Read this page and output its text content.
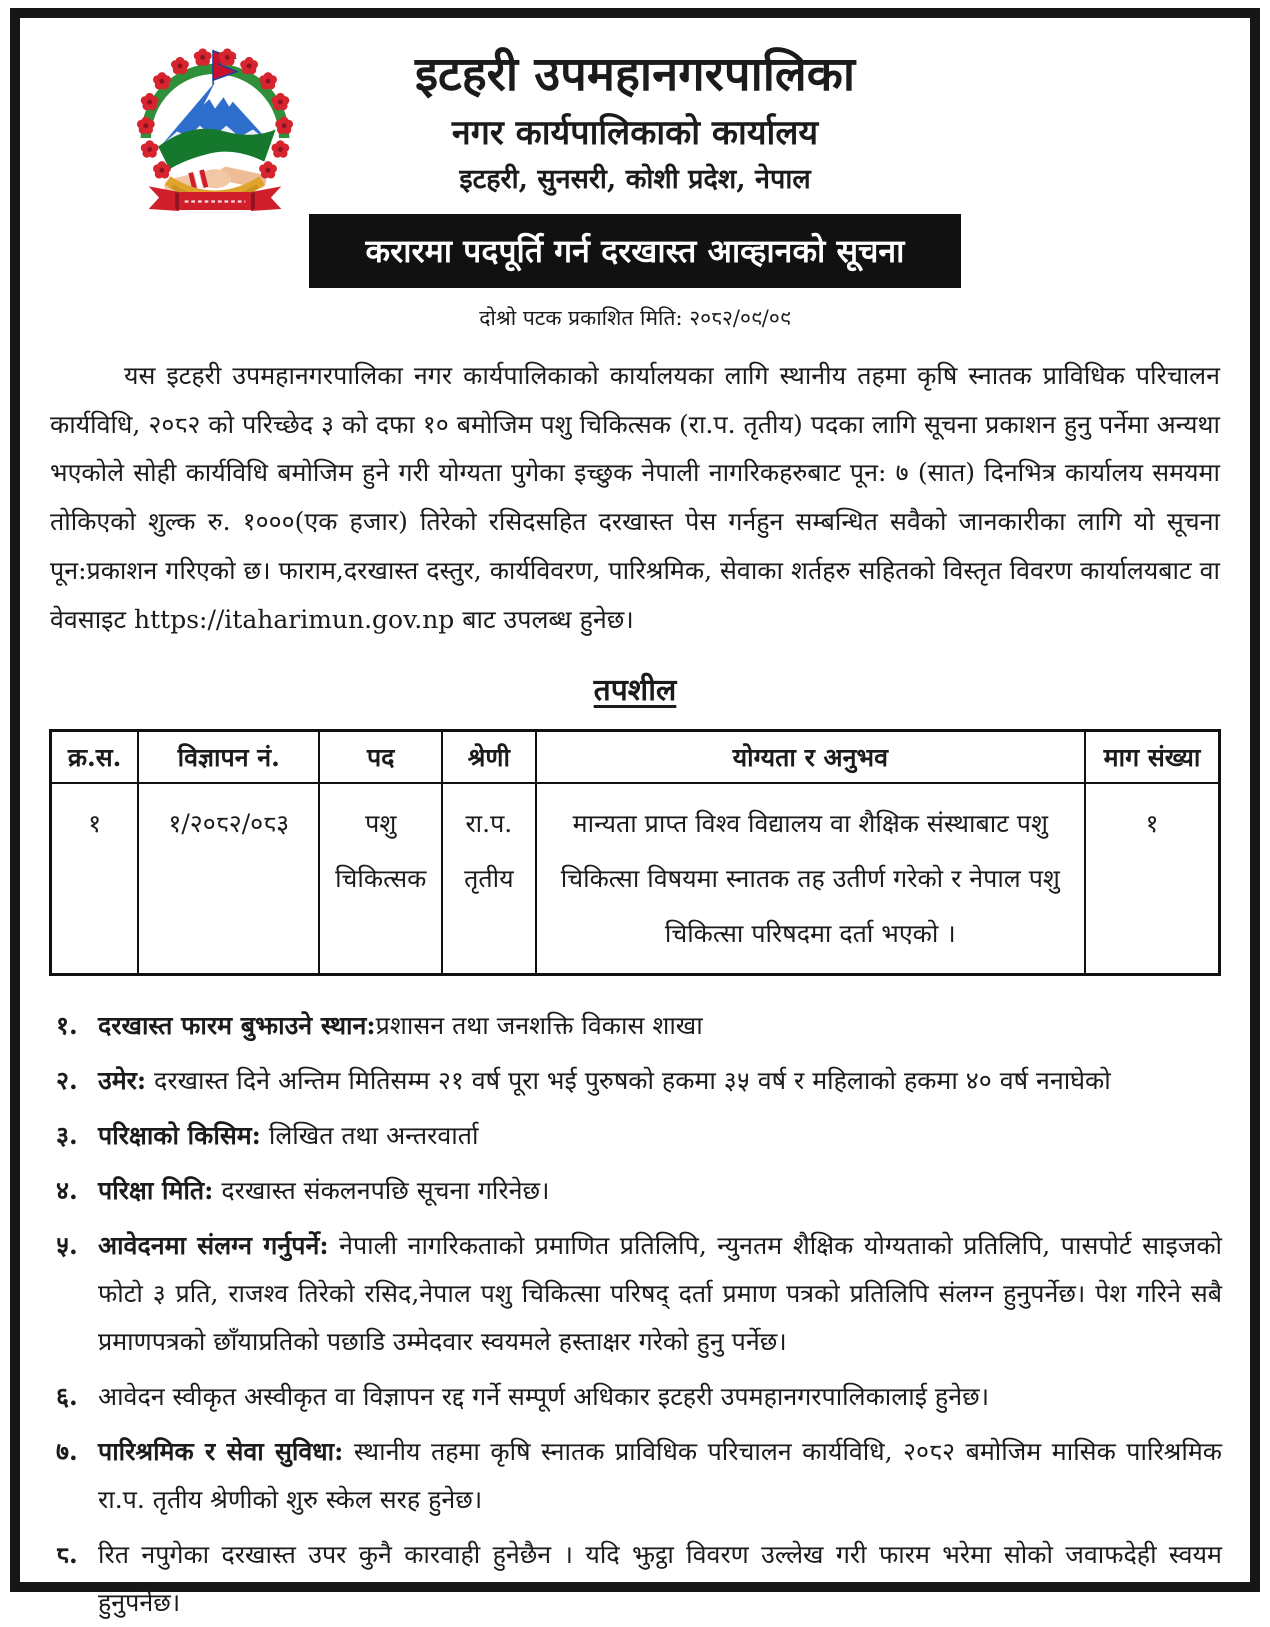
इटहरी उपमहानगरपालिका
नगर कार्यपालिकाको कार्यालय
इटहरी, सुनसरी, कोशी प्रदेश, नेपाल
करारमा पदपूर्ति गर्न दरखास्त आव्हानको सूचना
दोश्रो पटक प्रकाशित मिति: २०८२/०९/०९

यस इटहरी उपमहानगरपालिका नगर कार्यपालिकाको कार्यालयका लागि स्थानीय तहमा कृषि स्नातक प्राविधिक परिचालन कार्यविधि, २०८२ को परिच्छेद ३ को दफा १० बमोजिम पशु चिकित्सक (रा.प. तृतीय) पदका लागि सूचना प्रकाशन हुनु पर्नेमा अन्यथा भएकोले सोही कार्यविधि बमोजिम हुने गरी योग्यता पुगेका इच्छुक नेपाली नागरिकहरुबाट पून: ७ (सात) दिनभित्र कार्यालय समयमा तोकिएको शुल्क रु. १०००(एक हजार) तिरेको रसिदसहित दरखास्त पेस गर्नहुन सम्बन्धित सवैको जानकारीका लागि यो सूचना पून:प्रकाशन गरिएको छ। फाराम,दरखास्त दस्तुर, कार्यविवरण, पारिश्रमिक, सेवाका शर्तहरु सहितको विस्तृत विवरण कार्यालयबाट वा वेवसाइट https://itaharimun.gov.np बाट उपलब्ध हुनेछ।

तपशील
क्र.स.	विज्ञापन नं.	पद	श्रेणी	योग्यता र अनुभव	माग संख्या
१	१/२०८२/०८३	पशु चिकित्सक	रा.प. तृतीय	मान्यता प्राप्त विश्व विद्यालय वा शैक्षिक संस्थाबाट पशु चिकित्सा विषयमा स्नातक तह उतीर्ण गरेको र नेपाल पशु चिकित्सा परिषदमा दर्ता भएको ।	१
१. दरखास्त फारम बुझाउने स्थान:प्रशासन तथा जनशक्ति विकास शाखा
२. उमेर: दरखास्त दिने अन्तिम मितिसम्म २१ वर्ष पूरा भई पुरुषको हकमा ३५ वर्ष र महिलाको हकमा ४० वर्ष ननाघेको
३. परिक्षाको किसिम: लिखित तथा अन्तरवार्ता
४. परिक्षा मिति: दरखास्त संकलनपछि सूचना गरिनेछ।
५. आवेदनमा संलग्न गर्नुपर्ने: नेपाली नागरिकताको प्रमाणित प्रतिलिपि, न्युनतम शैक्षिक योग्यताको प्रतिलिपि, पासपोर्ट साइजको फोटो ३ प्रति, राजश्व तिरेको रसिद,नेपाल पशु चिकित्सा परिषद् दर्ता प्रमाण पत्रको प्रतिलिपि संलग्न हुनुपर्नेछ। पेश गरिने सबै प्रमाणपत्रको छाँयाप्रतिको पछाडि उम्मेदवार स्वयमले हस्ताक्षर गरेको हुनु पर्नेछ।
६. आवेदन स्वीकृत अस्वीकृत वा विज्ञापन रद्द गर्ने सम्पूर्ण अधिकार इटहरी उपमहानगरपालिकालाई हुनेछ।
७. पारिश्रमिक र सेवा सुविधा: स्थानीय तहमा कृषि स्नातक प्राविधिक परिचालन कार्यविधि, २०८२ बमोजिम मासिक पारिश्रमिक रा.प. तृतीय श्रेणीको शुरु स्केल सरह हुनेछ।
८. रित नपुगेका दरखास्त उपर कुनै कारवाही हुनेछैन । यदि झुट्ठा विवरण उल्लेख गरी फारम भरेमा सोको जवाफदेही स्वयम हुनुपर्नेछ।
